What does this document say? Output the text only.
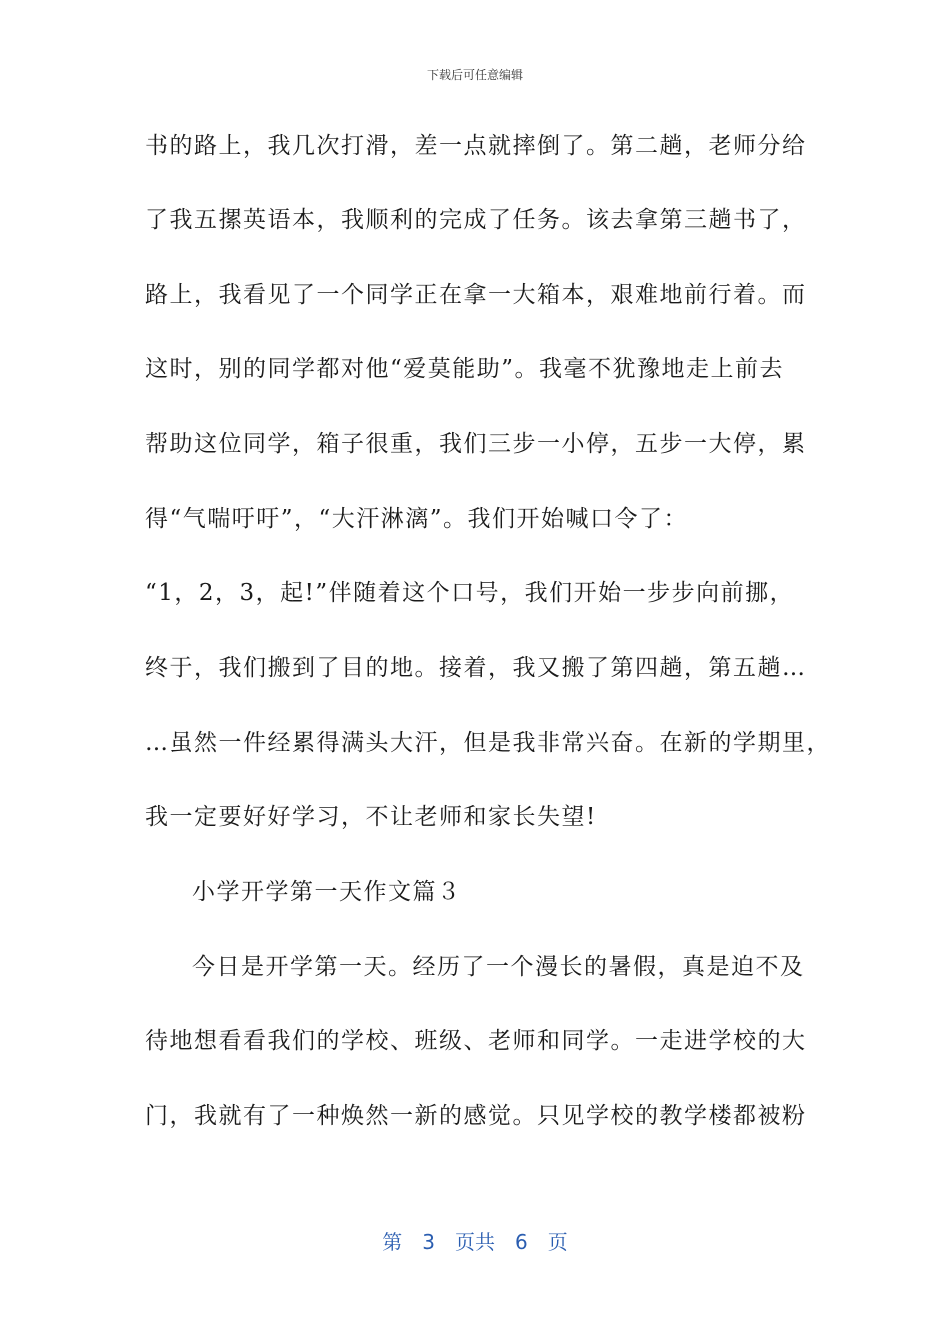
下载后可任意编辑
书的路上，我几次打滑，差一点就摔倒了。第二趟，老师分给
了我五摞英语本，我顺利的完成了任务。该去拿第三趟书了，
路上，我看见了一个同学正在拿一大箱本，艰难地前行着。而
这时，别的同学都对他“爱莫能助”。我毫不犹豫地走上前去
帮助这位同学，箱子很重，我们三步一小停，五步一大停，累
得“气喘吁吁”，“大汗淋漓”。我们开始喊口令了：
“1，2，3，起!”伴随着这个口号，我们开始一步步向前挪，
终于，我们搬到了目的地。接着，我又搬了第四趟，第五趟…
…虽然一件经累得满头大汗，但是我非常兴奋。在新的学期里，
我一定要好好学习，不让老师和家长失望!
小学开学第一天作文篇３
今日是开学第一天。经历了一个漫长的暑假，真是迫不及
待地想看看我们的学校、班级、老师和同学。一走进学校的大
门，我就有了一种焕然一新的感觉。只见学校的教学楼都被粉
第　3　页共　6　页
